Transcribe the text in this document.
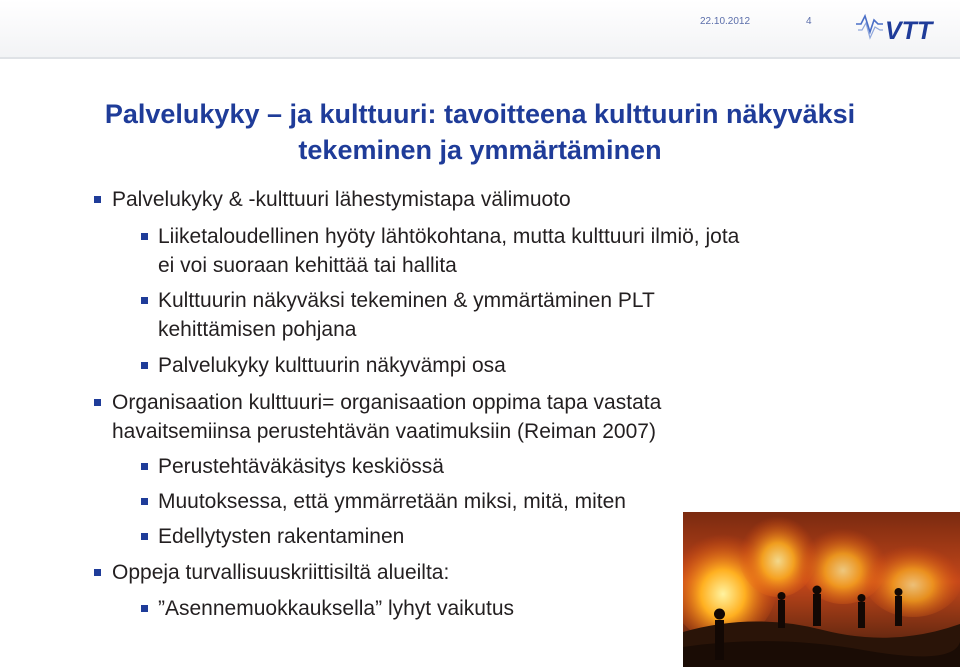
22.10.2012	4	VTT
Palvelukyky – ja kulttuuri: tavoitteena kulttuurin näkyväksi
tekeminen ja ymmärtäminen
Palvelukyky & -kulttuuri lähestymistapa välimuoto
Liiketaloudellinen hyöty lähtökohtana, mutta kulttuuri ilmiö, jota
ei voi suoraan kehittää tai hallita
Kulttuurin näkyväksi tekeminen & ymmärtäminen PLT
kehittämisen pohjana
Palvelukyky kulttuurin näkyvämpi osa
Organisaation kulttuuri= organisaation oppima tapa vastata
havaitsemiinsa perustehtävän vaatimuksiin (Reiman 2007)
Perustehtäväkäsitys keskiössä
Muutoksessa, että ymmärretään miksi, mitä, miten
Edellytysten rakentaminen
Oppeja turvallisuuskriittisiltä alueilta:
”Asennemuokkauksella” lyhyt vaikutus
